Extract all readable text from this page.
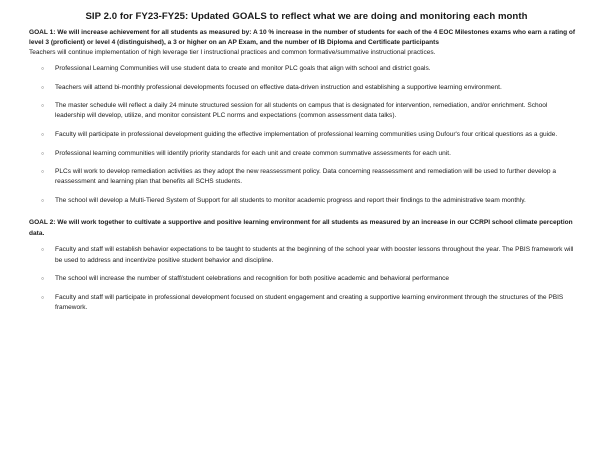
SIP 2.0 for FY23-FY25: Updated GOALS to reflect what we are doing and monitoring each month

GOAL 1: We will increase achievement for all students as measured by: A 10 % increase in the number of students for each of the 4 EOC Milestones exams who earn a rating of level 3 (proficient) or level 4 (distinguished), a 3 or higher on an AP Exam, and the number of IB Diploma and Certificate participants

Teachers will continue implementation of high leverage tier I instructional practices and common formative/summative instructional practices.

○ Professional Learning Communities will use student data to create and monitor PLC goals that align with school and district goals.
○ Teachers will attend bi-monthly professional developments focused on effective data-driven instruction and establishing a supportive learning environment.
○ The master schedule will reflect a daily 24 minute structured session for all students on campus that is designated for intervention, remediation, and/or enrichment. School leadership will develop, utilize, and monitor consistent PLC norms and expectations (common assessment data talks).
○ Faculty will participate in professional development guiding the effective implementation of professional learning communities using Dufour's four critical questions as a guide.
○ Professional learning communities will identify priority standards for each unit and create common summative assessments for each unit.
○ PLCs will work to develop remediation activities as they adopt the new reassessment policy. Data concerning reassessment and remediation will be used to further develop a reassessment and learning plan that benefits all SCHS students.
○ The school will develop a Multi-Tiered System of Support for all students to monitor academic progress and report their findings to the administrative team monthly.

GOAL 2: We will work together to cultivate a supportive and positive learning environment for all students as measured by an increase in our CCRPI school climate perception data.

○ Faculty and staff will establish behavior expectations to be taught to students at the beginning of the school year with booster lessons throughout the year. The PBIS framework will be used to address and incentivize positive student behavior and discipline.
○ The school will increase the number of staff/student celebrations and recognition for both positive academic and behavioral performance
○ Faculty and staff will participate in professional development focused on student engagement and creating a supportive learning environment through the structures of the PBIS framework.
